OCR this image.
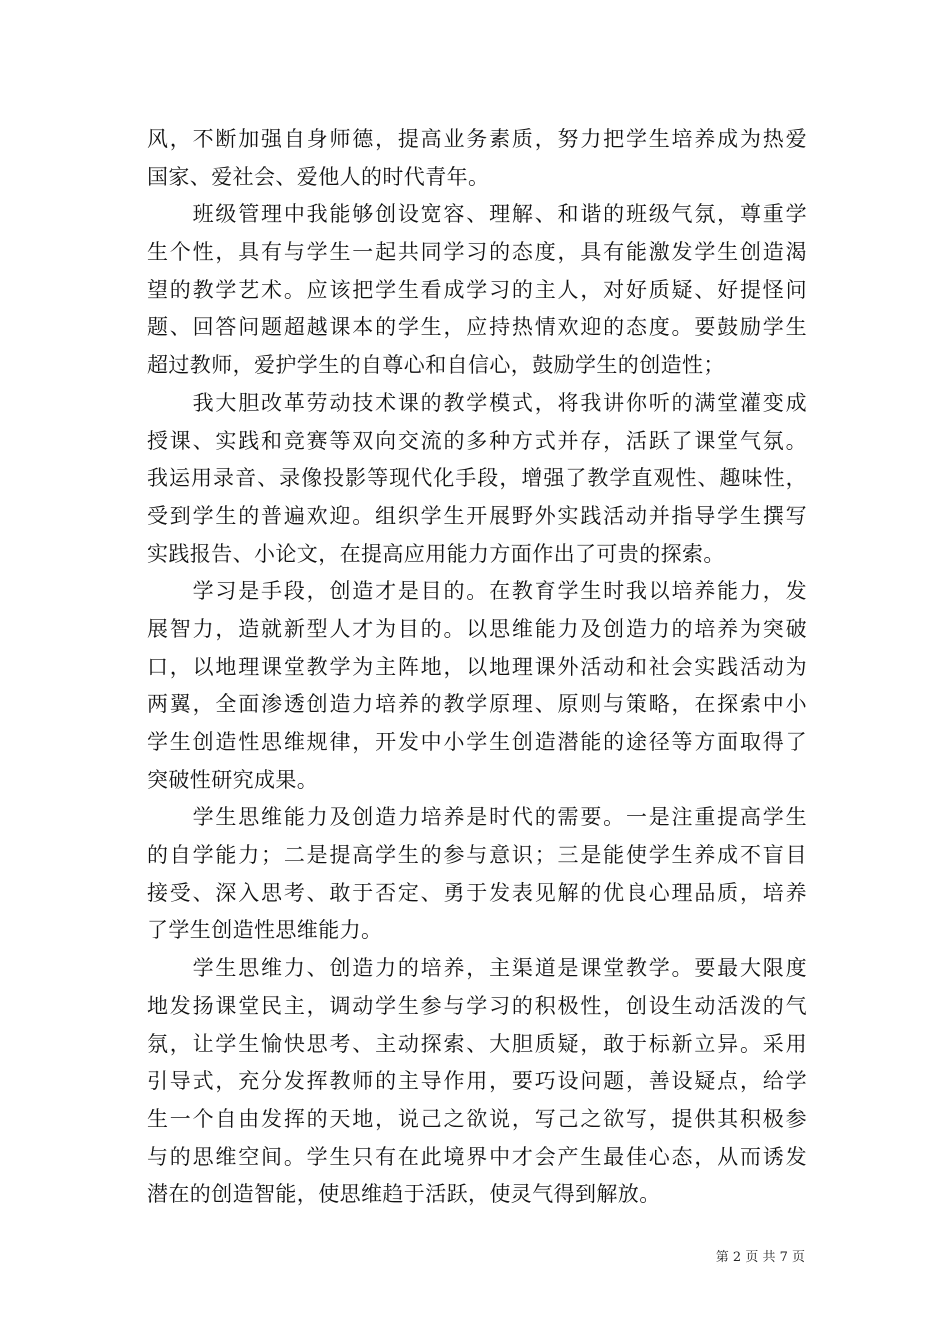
风，不断加强自身师德，提高业务素质，努力把学生培养成为热爱
国家、爱社会、爱他人的时代青年。
　　班级管理中我能够创设宽容、理解、和谐的班级气氛，尊重学
生个性，具有与学生一起共同学习的态度，具有能激发学生创造渴
望的教学艺术。应该把学生看成学习的主人，对好质疑、好提怪问
题、回答问题超越课本的学生，应持热情欢迎的态度。要鼓励学生
超过教师，爱护学生的自尊心和自信心，鼓励学生的创造性；
　　我大胆改革劳动技术课的教学模式，将我讲你听的满堂灌变成
授课、实践和竞赛等双向交流的多种方式并存，活跃了课堂气氛。
我运用录音、录像投影等现代化手段，增强了教学直观性、趣味性，
受到学生的普遍欢迎。组织学生开展野外实践活动并指导学生撰写
实践报告、小论文，在提高应用能力方面作出了可贵的探索。
　　学习是手段，创造才是目的。在教育学生时我以培养能力，发
展智力，造就新型人才为目的。以思维能力及创造力的培养为突破
口，以地理课堂教学为主阵地，以地理课外活动和社会实践活动为
两翼，全面渗透创造力培养的教学原理、原则与策略，在探索中小
学生创造性思维规律，开发中小学生创造潜能的途径等方面取得了
突破性研究成果。
　　学生思维能力及创造力培养是时代的需要。一是注重提高学生
的自学能力；二是提高学生的参与意识；三是能使学生养成不盲目
接受、深入思考、敢于否定、勇于发表见解的优良心理品质，培养
了学生创造性思维能力。
　　学生思维力、创造力的培养，主渠道是课堂教学。要最大限度
地发扬课堂民主，调动学生参与学习的积极性，创设生动活泼的气
氛，让学生愉快思考、主动探索、大胆质疑，敢于标新立异。采用
引导式，充分发挥教师的主导作用，要巧设问题，善设疑点，给学
生一个自由发挥的天地，说己之欲说，写己之欲写，提供其积极参
与的思维空间。学生只有在此境界中才会产生最佳心态，从而诱发
潜在的创造智能，使思维趋于活跃，使灵气得到解放。
第 2 页 共 7 页
